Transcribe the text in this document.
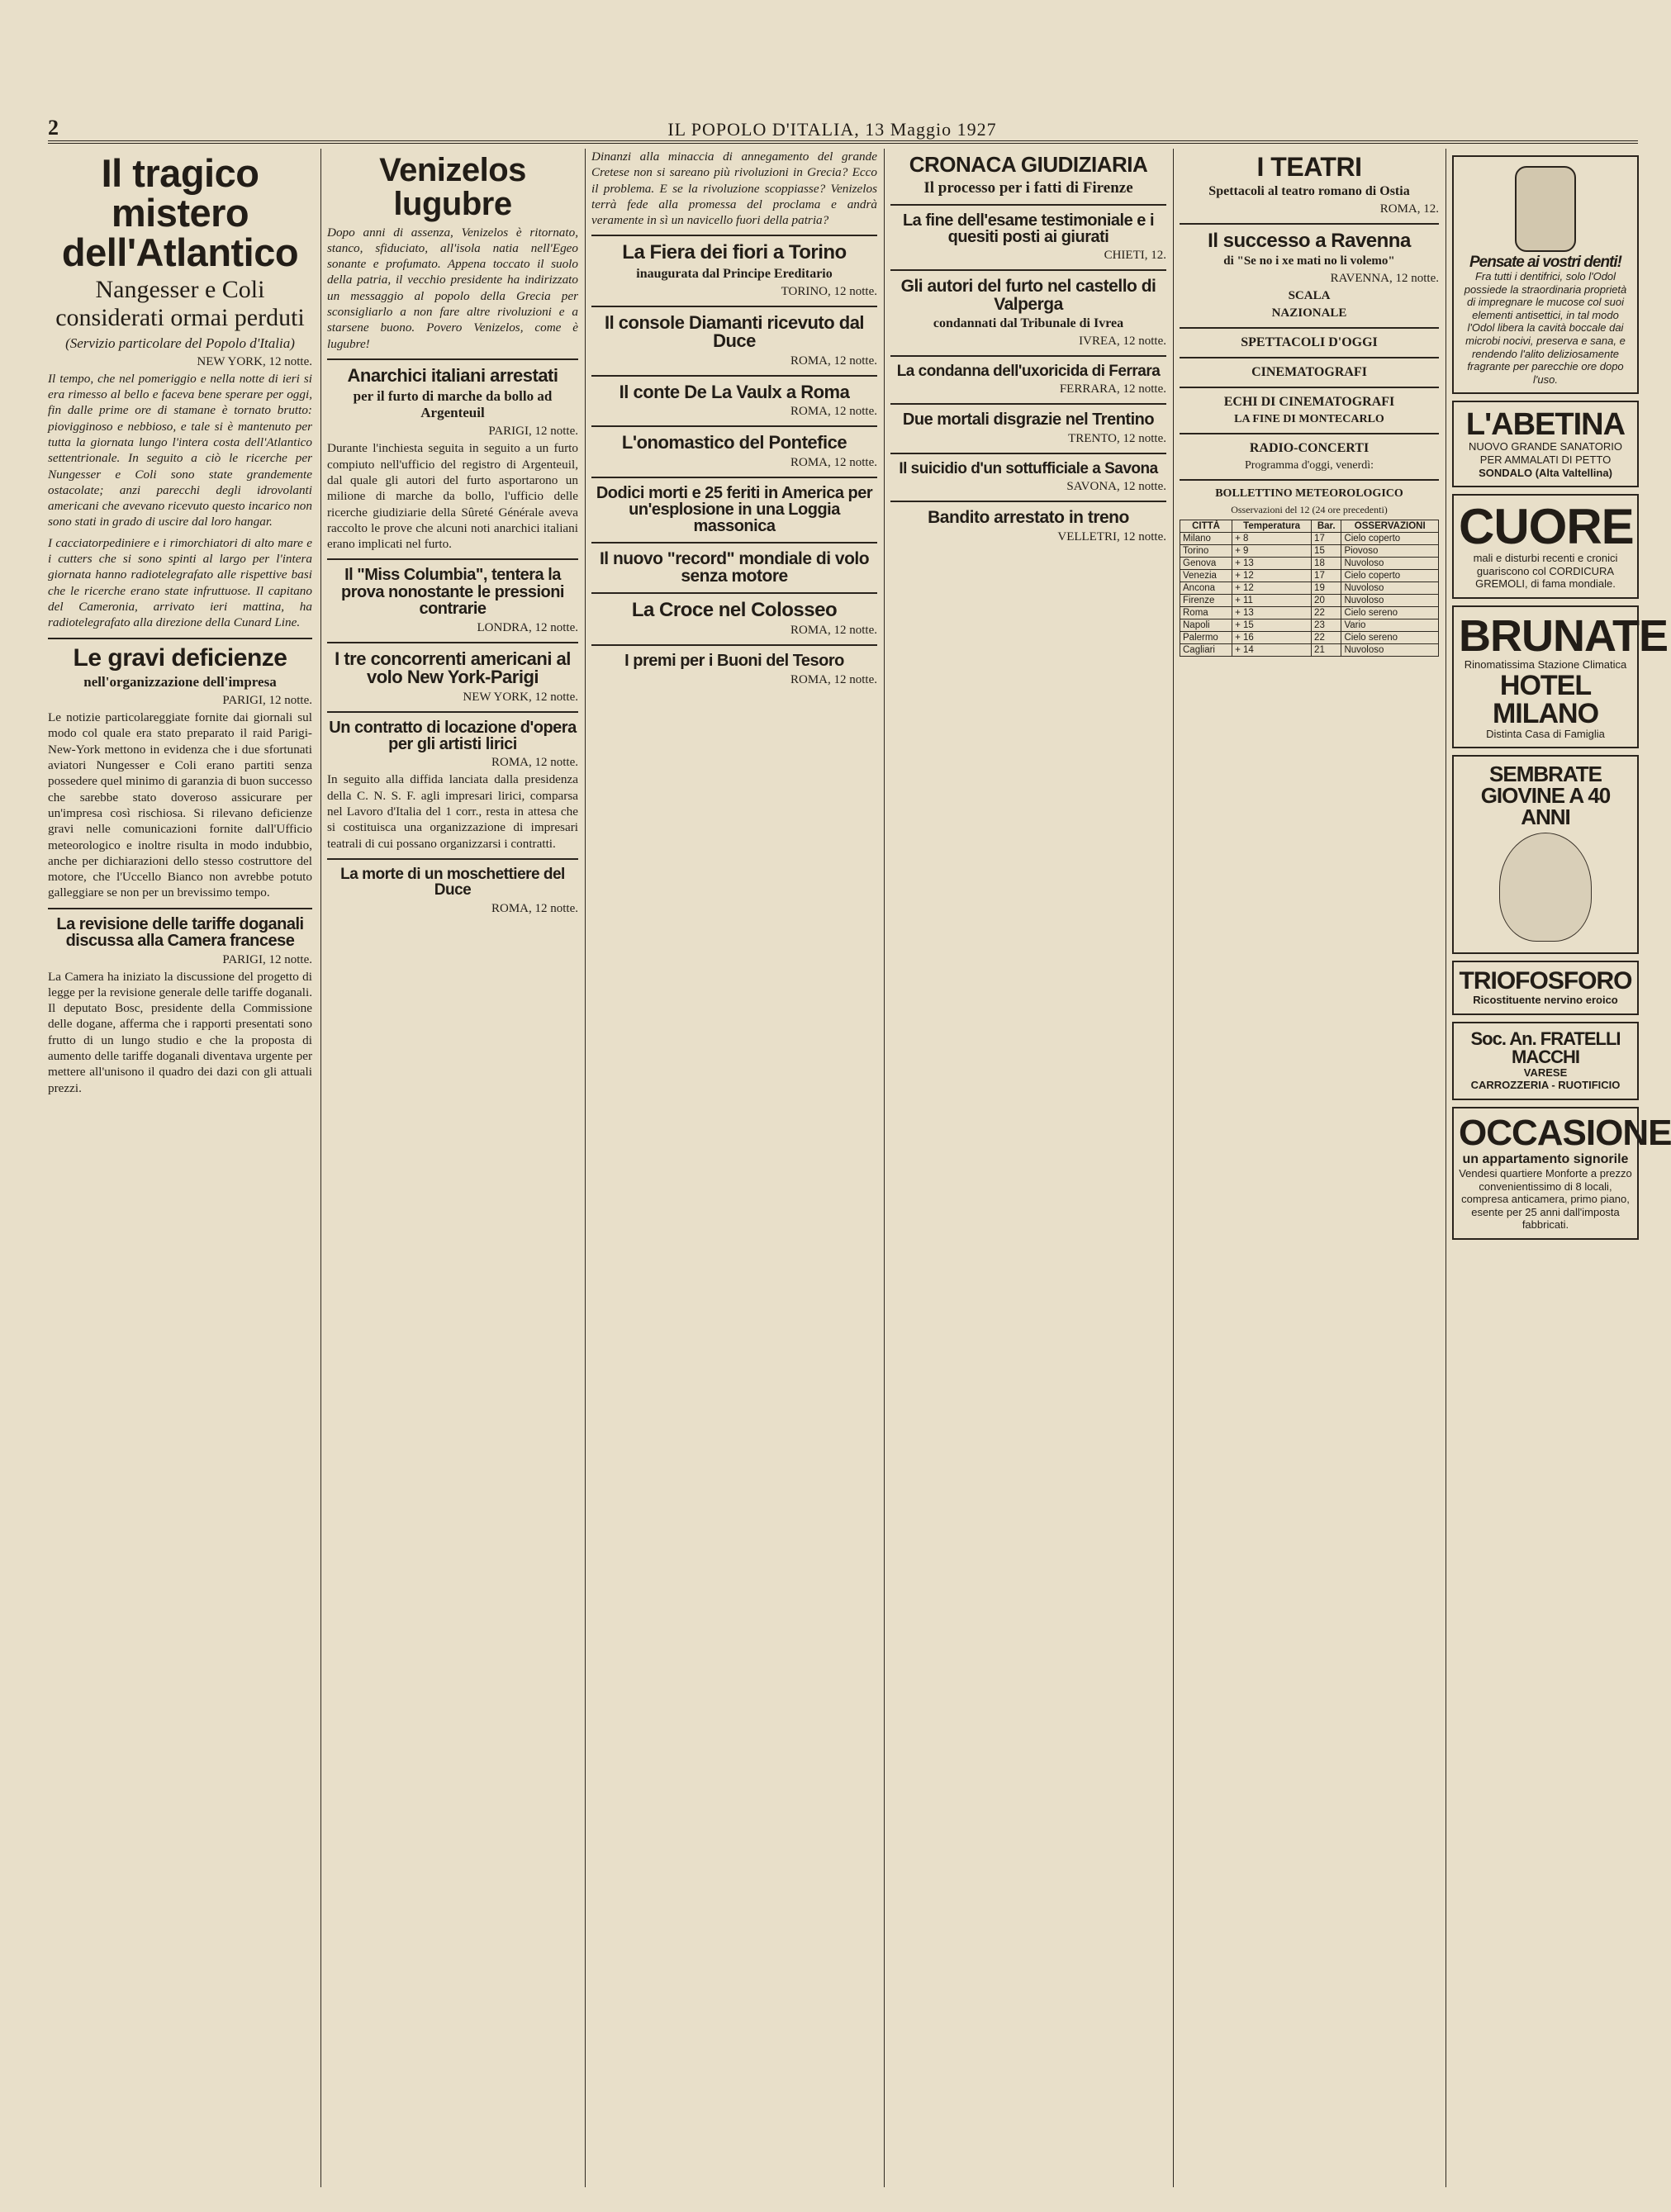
2	IL POPOLO D'ITALIA, 13 Maggio 1927
Il tragico mistero dell'Atlantico
Nangesser e Coli considerati ormai perduti
(Servizio particolare del Popolo d'Italia)
NEW YORK, 12 notte.

Il tempo, che nel pomeriggio e nella notte di ieri si era rimesso al bello e faceva bene sperare per oggi, fin dalle prime ore di stamane è tornato brutto: piovigginoso e nebbioso, e tale si è mantenuto per tutta la giornata lungo l'intera costa dell'Atlantico settentrionale. In seguito a ciò le ricerche per Nungesser e Coli sono state grandemente ostacolate; anzi parecchi degli idrovolanti americani che avevano ricevuto questo incarico non sono stati in grado di uscire dal loro hangar.

I cacciatorpediniere e i rimorchiatori di alto mare e i cutters che si sono spinti al largo per l'intera giornata hanno radiotelegrafato alle rispettive basi che le ricerche erano state infruttuose. Il capitano del Cameronia, arrivato ieri mattina, ha radiotelegrafato alla direzione della Cunard Line.

Le gravi deficienze
nell'organizzazione dell'impresa
PARIGI, 12 notte.

Le notizie particolareggiate fornite dai giornali sul modo col quale era stato preparato il raid Parigi-New-York mettono in evidenza che i due sfortunati aviatori Nungesser e Coli erano partiti senza possedere quel minimo di garanzia di buon successo che sarebbe stato doveroso assicurare per un'impresa così rischiosa. Si rilevano deficienze gravi nelle comunicazioni fornite dall'Ufficio meteorologico e inoltre risulta in modo indubbio, anche per dichiarazioni dello stesso costruttore del motore, che l'Uccello Bianco non avrebbe potuto galleggiare se non per un brevissimo tempo.

La revisione delle tariffe doganali discussa alla Camera francese
PARIGI, 12 notte.

La Camera ha iniziato la discussione del progetto di legge per la revisione generale delle tariffe doganali. Il deputato Bosc, presidente della Commissione delle dogane, afferma che i rapporti presentati sono frutto di un lungo studio e che la proposta di aumento delle tariffe doganali diventava urgente per mettere all'unisono il quadro dei dazi con gli attuali prezzi.

Venizelos lugubre

Dopo anni di assenza, Venizelos è ritornato, stanco, sfiduciato, all'isola natia nell'Egeo sonante e profumato. Appena toccato il suolo della patria, il vecchio presidente ha indirizzato un messaggio al popolo della Grecia per sconsigliarlo a non fare altre rivoluzioni e a starsene buono. Povero Venizelos, come è lugubre!

Anarchici italiani arrestati
per il furto di marche da bollo ad Argenteuil
PARIGI, 12 notte.

Durante l'inchiesta seguita in seguito a un furto compiuto nell'ufficio del registro di Argenteuil, dal quale gli autori del furto asportarono un milione di marche da bollo, l'ufficio delle ricerche giudiziarie della Sûreté Générale aveva raccolto le prove che alcuni noti anarchici italiani erano implicati nel furto.

Il "Miss Columbia", tentera la prova nonostante le pressioni contrarie
LONDRA, 12 notte.
I tre concorrenti americani al volo New York-Parigi
NEW YORK, 12 notte.
Un contratto di locazione d'opera per gli artisti lirici
ROMA, 12 notte.

In seguito alla diffida lanciata dalla presidenza della C. N. S. F. agli impresari lirici, comparsa nel Lavoro d'Italia del 1 corr., resta in attesa che si costituisca una organizzazione di impresari teatrali di cui possano organizzarsi i contratti.

La morte di un moschettiere del Duce
ROMA, 12 notte.

Dinanzi alla minaccia di annegamento del grande Cretese non si sareano più rivoluzioni in Grecia? Ecco il problema. E se la rivoluzione scoppiasse? Venizelos terrà fede alla promessa del proclama e andrà veramente in sì un navicello fuori della patria?

La Fiera dei fiori a Torino
inaugurata dal Principe Ereditario
TORINO, 12 notte.
Il console Diamanti ricevuto dal Duce
ROMA, 12 notte.
Il conte De La Vaulx a Roma
ROMA, 12 notte.
L'onomastico del Pontefice
ROMA, 12 notte.
Dodici morti e 25 feriti in America per un'esplosione in una Loggia massonica
Il nuovo "record" mondiale di volo senza motore
La Croce nel Colosseo
ROMA, 12 notte.
I premi per i Buoni del Tesoro
ROMA, 12 notte.
CRONACA GIUDIZIARIA
Il processo per i fatti di Firenze
La fine dell'esame testimoniale e i quesiti posti ai giurati
CHIETI, 12.
Gli autori del furto nel castello di Valperga
condannati dal Tribunale di Ivrea
IVREA, 12 notte.
La condanna dell'uxoricida di Ferrara
FERRARA, 12 notte.
Due mortali disgrazie nel Trentino
TRENTO, 12 notte.
Il suicidio d'un sottufficiale a Savona
SAVONA, 12 notte.
Bandito arrestato in treno
VELLETRI, 12 notte.
I TEATRI
Spettacoli al teatro romano di Ostia
ROMA, 12.
Il successo a Ravenna
di "Se no i xe mati no li volemo"
RAVENNA, 12 notte.
SCALA
NAZIONALE
SPETTACOLI D'OGGI
CINEMATOGRAFI
ECHI DI CINEMATOGRAFI
LA FINE DI MONTECARLO
RADIO-CONCERTI
Programma d'oggi, venerdì:
BOLLETTINO METEOROLOGICO
Osservazioni del 12 (24 ore precedenti)
CITTÀ	Temperatura	Bar.	OSSERVAZIONI
Milano	+ 8	17	Cielo coperto
Torino	+ 9	15	Piovoso
Genova	+ 13	18	Nuvoloso
Venezia	+ 12	17	Cielo coperto
Ancona	+ 12	19	Nuvoloso
Firenze	+ 11	20	Nuvoloso
Roma	+ 13	22	Cielo sereno
Napoli	+ 15	23	Vario
Palermo	+ 16	22	Cielo sereno
Cagliari	+ 14	21	Nuvoloso
Pensate ai vostri denti!
Fra tutti i dentifrici, solo l'Odol possiede la straordinaria proprietà di impregnare le mucose col suoi elementi antisettici, in tal modo l'Odol libera la cavità boccale dai microbi nocivi, preserva e sana, e rendendo l'alito deliziosamente fragrante per parecchie ore dopo l'uso.
L'ABETINA
NUOVO GRANDE SANATORIO PER AMMALATI DI PETTO
SONDALO (Alta Valtellina)
CUORE
mali e disturbi recenti e cronici guariscono col CORDICURA GREMOLI, di fama mondiale.
BRUNATE
Rinomatissima Stazione Climatica
HOTEL MILANO
Distinta Casa di Famiglia
SEMBRATE GIOVINE A 40 ANNI
TRIOFOSFORO
Ricostituente nervino eroico
Soc. An. FRATELLI MACCHI
VARESE
CARROZZERIA - RUOTIFICIO
OCCASIONE
un appartamento signorile
Vendesi quartiere Monforte a prezzo convenientissimo di 8 locali, compresa anticamera, primo piano, esente per 25 anni dall'imposta fabbricati.
